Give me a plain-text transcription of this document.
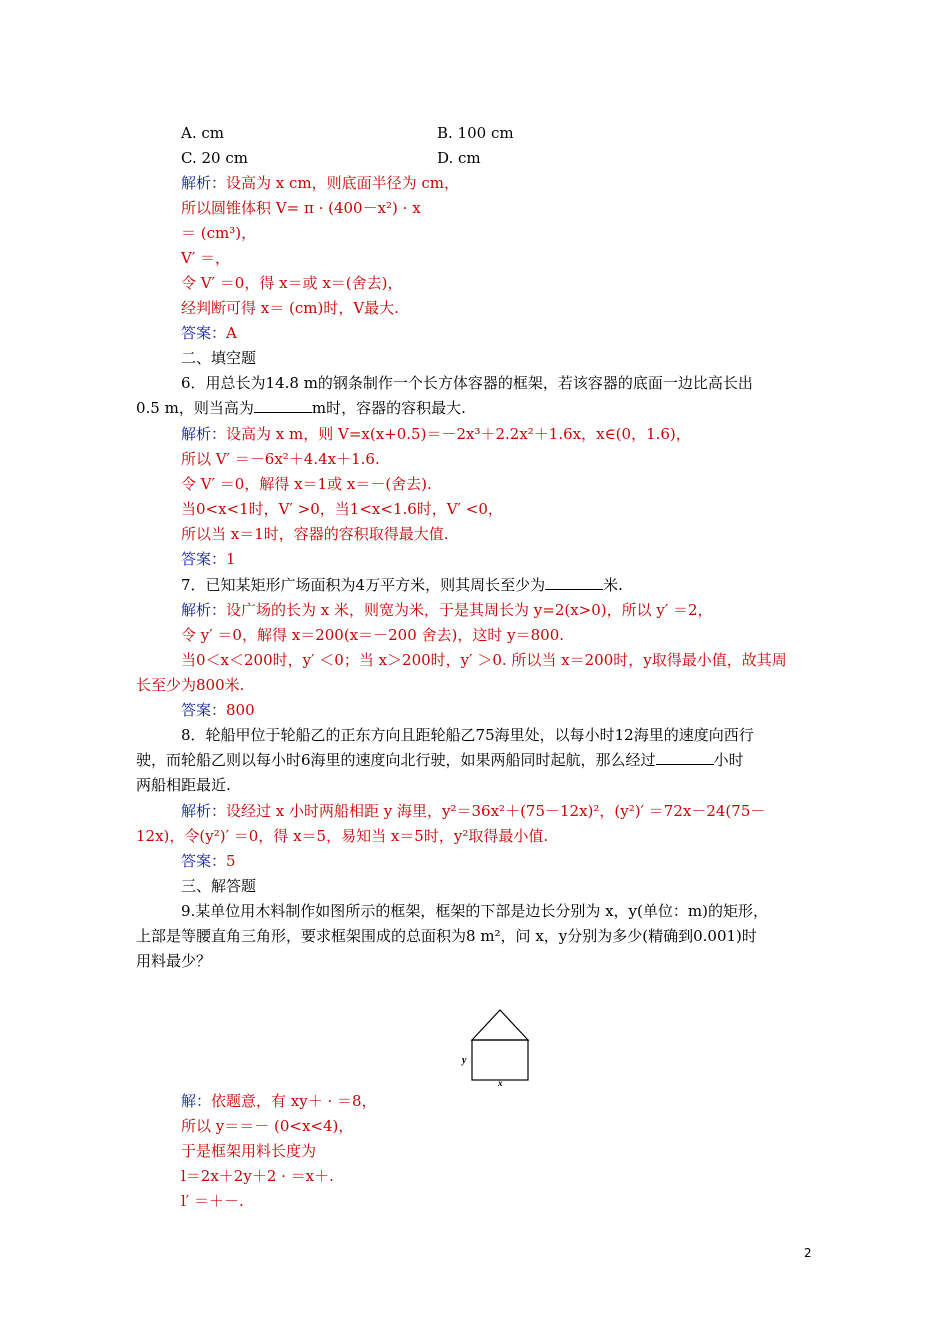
A. cm	B. 100 cm
C. 20 cm	D. cm
解析：设高为 x cm，则底面半径为 cm，
所以圆锥体积 V= π · (400－x²) · x
＝ (cm³)，
V′ ＝，
令 V′ ＝0，得 x＝或 x＝(舍去)，
经判断可得 x＝ (cm)时，V最大.
答案：A
二、填空题
6．用总长为14.8 m的钢条制作一个长方体容器的框架，若该容器的底面一边比高长出
0.5 m，则当高为	m时，容器的容积最大.
解析：设高为 x m，则 V=x(x+0.5)＝－2x³＋2.2x²＋1.6x，x∈(0，1.6)，
所以 V′ ＝－6x²＋4.4x＋1.6.
令 V′ ＝0，解得 x＝1或 x＝－(舍去).
当0<x<1时，V′ >0，当1<x<1.6时，V′ <0，
所以当 x＝1时，容器的容积取得最大值.
答案：1
7．已知某矩形广场面积为4万平方米，则其周长至少为	米.
解析：设广场的长为 x 米，则宽为米，于是其周长为 y=2(x>0)，所以 y′ ＝2，
令 y′ ＝0，解得 x＝200(x＝－200 舍去)，这时 y＝800.
当0＜x＜200时，y′ ＜0；当 x＞200时，y′ ＞0. 所以当 x＝200时，y取得最小值，故其周
长至少为800米.
答案：800
8．轮船甲位于轮船乙的正东方向且距轮船乙75海里处，以每小时12海里的速度向西行
驶，而轮船乙则以每小时6海里的速度向北行驶，如果两船同时起航，那么经过	小时
两船相距最近.
解析：设经过 x 小时两船相距 y 海里，y²＝36x²＋(75－12x)²，(y²)′ ＝72x－24(75－
12x)，令(y²)′ ＝0，得 x＝5，易知当 x＝5时，y²取得最小值.
答案：5
三、解答题
9.某单位用木料制作如图所示的框架，框架的下部是边长分别为 x，y(单位：m)的矩形，
上部是等腰直角三角形，要求框架围成的总面积为8 m²，问 x，y分别为多少(精确到0.001)时
用料最少？
y
x
解：依题意，有 xy＋ · ＝8，
所以 y＝＝－ (0<x<4)，
于是框架用料长度为
l＝2x＋2y＋2 · ＝x＋.
l′ ＝＋－.
2
